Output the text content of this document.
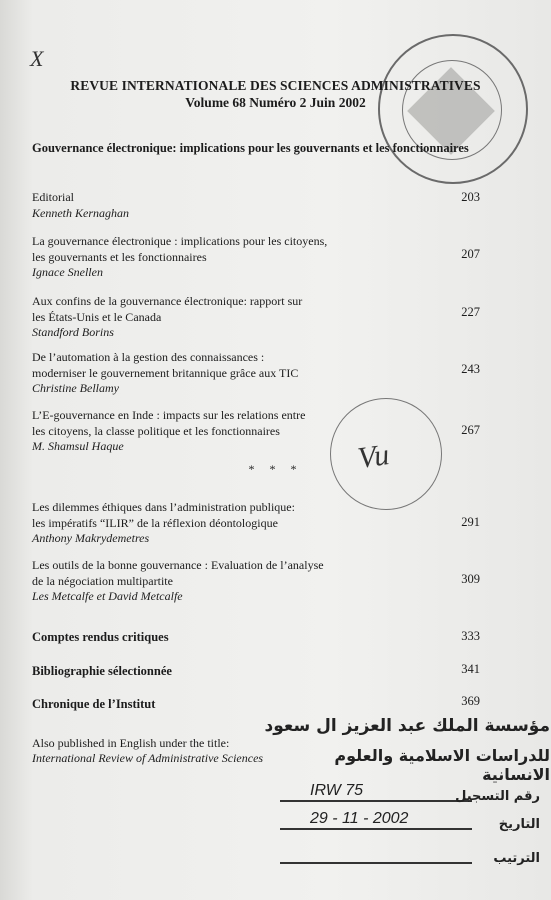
X
REVUE INTERNATIONALE DES SCIENCES ADMINISTRATIVES
Volume 68 Numéro 2 Juin 2002
Gouvernance électronique: implications pour les gouvernants et les fonctionnaires
Editorial
Kenneth Kernaghan
203
La gouvernance électronique : implications pour les citoyens,
les gouvernants et les fonctionnaires
Ignace Snellen
207
Aux confins de la gouvernance électronique: rapport sur
les États-Unis et le Canada
Standford Borins
227
De l’automation à la gestion des connaissances :
moderniser le gouvernement britannique grâce aux TIC
Christine Bellamy
243
L’E-gouvernance en Inde : impacts sur les relations entre
les citoyens, la classe politique et les fonctionnaires
M. Shamsul Haque
267
Vu
* * *
Les dilemmes éthiques dans l’administration publique:
les impératifs “ILIR” de la réflexion déontologique
Anthony Makrydemetres
291
Les outils de la bonne gouvernance : Evaluation de l’analyse
de la négociation multipartite
Les Metcalfe et David Metcalfe
309
Comptes rendus critiques	333
Bibliographie sélectionnée	341
Chronique de l’Institut	369
Also published in English under the title:
International Review of Administrative Sciences
مؤسسة الملك عبد العزيز ال سعود
للدراسات الاسلامية والعلوم الانسانية
IRW 75	رقم التسجيل
29 - 11 - 2002	التاريخ
الترتيب
